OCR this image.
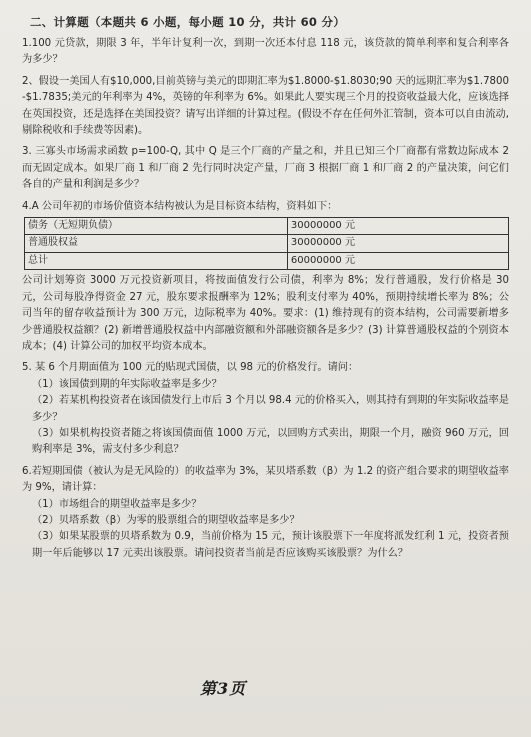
二、计算题（本题共 6 小题，每小题 10 分，共计 60 分）

1.100 元贷款，期限 3 年，半年计复利一次，到期一次还本付息 118 元，该贷款的简单利率和复合利率各为多少？

2、假设一美国人有$10,000,目前英镑与美元的即期汇率为$1.8000-$1.8030;90 天的远期汇率为$1.7800-$1.7835;美元的年利率为 4%，英镑的年利率为 6%。如果此人要实现三个月的投资收益最大化，应该选择在英国投资，还是选择在美国投资？请写出详细的计算过程。(假设不存在任何外汇管制，资本可以自由流动,剔除税收和手续费等因素)。

3. 三寡头市场需求函数 p=100-Q, 其中 Q 是三个厂商的产量之和，并且已知三个厂商都有常数边际成本 2 而无固定成本。如果厂商 1 和厂商 2 先行同时决定产量，厂商 3 根据厂商 1 和厂商 2 的产量决策，问它们各自的产量和利润是多少？

4.A 公司年初的市场价值资本结构被认为是目标资本结构，资料如下：

债务（无短期负债）	30000000 元
普通股权益	30000000 元
总计	60000000 元

公司计划筹资 3000 万元投资新项目，将按面值发行公司债，利率为 8%；发行普通股，发行价格是 30 元，公司每股净得资金 27 元，股东要求报酬率为 12%；股利支付率为 40%，预期持续增长率为 8%；公司当年的留存收益预计为 300 万元，边际税率为 40%。要求：(1) 维持现有的资本结构，公司需要新增多少普通股权益额？(2) 新增普通股权益中内部融资额和外部融资额各是多少？(3) 计算普通股权益的个别资本成本；(4) 计算公司的加权平均资本成本。

5. 某 6 个月期面值为 100 元的贴现式国债，以 98 元的价格发行。请问：

（1）该国债到期的年实际收益率是多少？

（2）若某机构投资者在该国债发行上市后 3 个月以 98.4 元的价格买入，则其持有到期的年实际收益率是多少？

（3）如果机构投资者随之将该国债面值 1000 万元，以回购方式卖出，期限一个月，融资 960 万元，回购利率是 3%，需支付多少利息？

6.若短期国债（被认为是无风险的）的收益率为 3%，某贝塔系数（β）为 1.2 的资产组合要求的期望收益率为 9%，请计算：

（1）市场组合的期望收益率是多少？

（2）贝塔系数（β）为零的股票组合的期望收益率是多少？

（3）如果某股票的贝塔系数为 0.9，当前价格为 15 元，预计该股票下一年度将派发红利 1 元，投资者预期一年后能够以 17 元卖出该股票。请问投资者当前是否应该购买该股票？为什么？

第3页
